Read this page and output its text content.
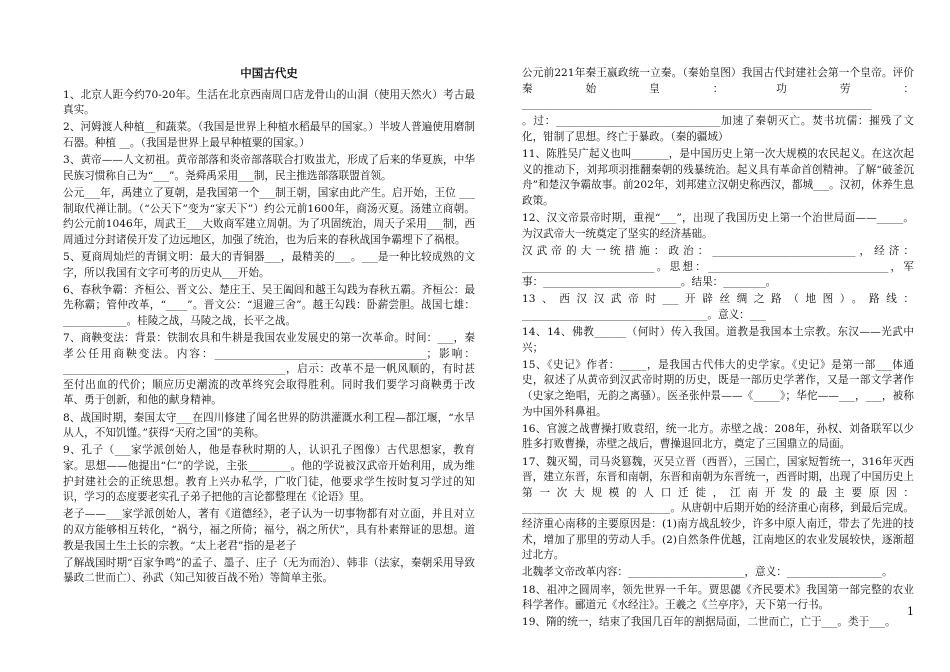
中国古代史

1、北京人距今约70-20年。生活在北京西南周口店龙骨山的山洞（使用天然火）考古最真实。

2、河姆渡人种植__和蔬菜。（我国是世界上种植水稻最早的国家。）半坡人普遍使用磨制石器。种植 __。（我国是世界上最早种植粟的国家。）

3、黄帝——人文初祖。黄帝部落和炎帝部落联合打败蚩尤，形成了后来的华夏族，中华民族习惯称自己为“___”。尧舜禹采用___制，民主推选部落联盟首领。

公元___年，禹建立了夏朝，是我国第一个___制王朝，国家由此产生。启开始，王位 ___制取代禅让制。（“公天下”变为“家天下”）约公元前1600年，商汤灭夏。汤建立商朝。约公元前1046年，周武王___大败商军建立周朝。为了巩固统治，周天子采用___制，西周通过分封诸侯开发了边远地区，加强了统治，也为后来的春秋战国争霸埋下了祸根。

5、夏商周灿烂的青铜文明：最大的青铜器___，最精美的___。___是一种比较成熟的文字，所以我国有文字可考的历史从___开始。

6、春秋争霸：齐桓公、晋文公、楚庄王、吴王阖闾和越王勾践为春秋五霸。齐桓公：最先称霸；管仲改革，“____”。晋文公：“退避三舍”。越王勾践：卧薪尝胆。战国七雄：____________。桂陵之战，马陵之战，长平之战。

7、商鞅变法：背景：铁制农具和牛耕是我国农业发展史的第一次革命。时间：___，秦孝公任用商鞅变法。内容：________________________________________；影响：__________________________________________，启示：改革不是一帆风顺的，有时甚至付出血的代价；顺应历史潮流的改革终究会取得胜利。同时我们要学习商鞅勇于改革、勇于创新，和他的献身精神。

8、战国时期，秦国太守___在四川修建了闻名世界的防洪灌溉水利工程—都江堰，“水旱从人，不知饥馑。”获得“天府之国”的美称。

9、孔子（___家学派创始人，他是春秋时期的人，认识孔子图像）古代思想家，教育家。思想——他提出“仁”的学说，主张________。他的学说被汉武帝开始利用，成为维护封建社会的正统思想。教育上兴办私学，广收门徒，他要求学生按时复习学过的知识，学习的态度要老实孔子弟子把他的言论都整理在《论语》里。

老子——___家学派创始人，著有《道德经》，老子认为一切事物都有对立面，并且对立的双方能够相互转化，“祸兮，福之所倚；福兮，祸之所伏”，具有朴素辩证的思想。道教是我国土生土长的宗教。“太上老君”指的是老子

了解战国时期“百家争鸣”的孟子、墨子、庄子（无为而治）、韩非（法家，秦朝采用导致暴政二世而亡）、孙武（知己知彼百战不殆）等简单主张。

公元前221年秦王嬴政统一立秦。（秦始皇图）我国古代封建社会第一个皇帝。评价秦始皇：功劳：__________________________________________________________________

。过：_______________________________加速了秦朝灭亡。焚书坑儒：摧残了文化，钳制了思想。终亡于暴政。（秦的疆域）

11、陈胜吴广起义也叫_______，是中国历史上第一次大规模的农民起义。在这次起义的推动下，刘邦项羽推翻秦朝的残暴统治。起义具有革命首创精神。了解“破釜沉舟”和楚汉争霸故事。前202年，刘邦建立汉朝史称西汉，都城___。汉初，休养生息政策。

12、汉文帝景帝时期，重视“___”，出现了我国历史上第一个治世局面——_____。为汉武帝大一统奠定了坚实的经济基础。

汉武帝的大一统措施：政治：___________________________，经济：_________________________。思想：__________________________________，军事：__________________________。结果：________。

13、西汉汉武帝时___开辟丝绸之路（地图）。路线：___________________________________。意义：___

14、14、佛教______（何时）传入我国。道教是我国本土宗教。东汉——光武中兴；

15、《史记》作者：_____，是我国古代伟大的史学家。《史记》是第一部___体通史，叙述了从黄帝到汉武帝时期的历史，既是一部历史学著作，又是一部文学著作（史家之绝唱，无韵之离骚）。医圣张仲景——《_____》；华佗——___，___，被称为中国外科鼻祖。

16、官渡之战曹操打败袁绍，统一北方。赤壁之战：208年，孙权、刘备联军以少胜多打败曹操，赤壁之战后，曹操退回北方，奠定了三国鼎立的局面。

17、魏灭蜀，司马炎篡魏，灭吴立晋（西晋），三国亡，国家短暂统一，316年灭西晋，建立东晋，东晋和南朝，东晋和南朝为东晋统一，西晋时期，出现了中国历史上第一次大规模的人口迁徙，江南开发的最主要原因：____________________________。从唐朝中后期开始的经济重心南移，到最后完成。经济重心南移的主要原因是：(1)南方战乱较少，许多中原人南迁，带去了先进的技术，增加了那里的劳动人手。(2)自然条件优越，江南地区的农业发展较快，逐渐超过北方。

北魏孝文帝改革内容：______________________，意义：__________________。

18、祖冲之圆周率，领先世界一千年。贾思勰《齐民要术》我国第一部完整的农业科学著作。郦道元《水经注》。王羲之《兰亭序》，天下第一行书。

19、隋的统一，结束了我国几百年的割据局面，二世而亡，亡于___。类于___。

1
